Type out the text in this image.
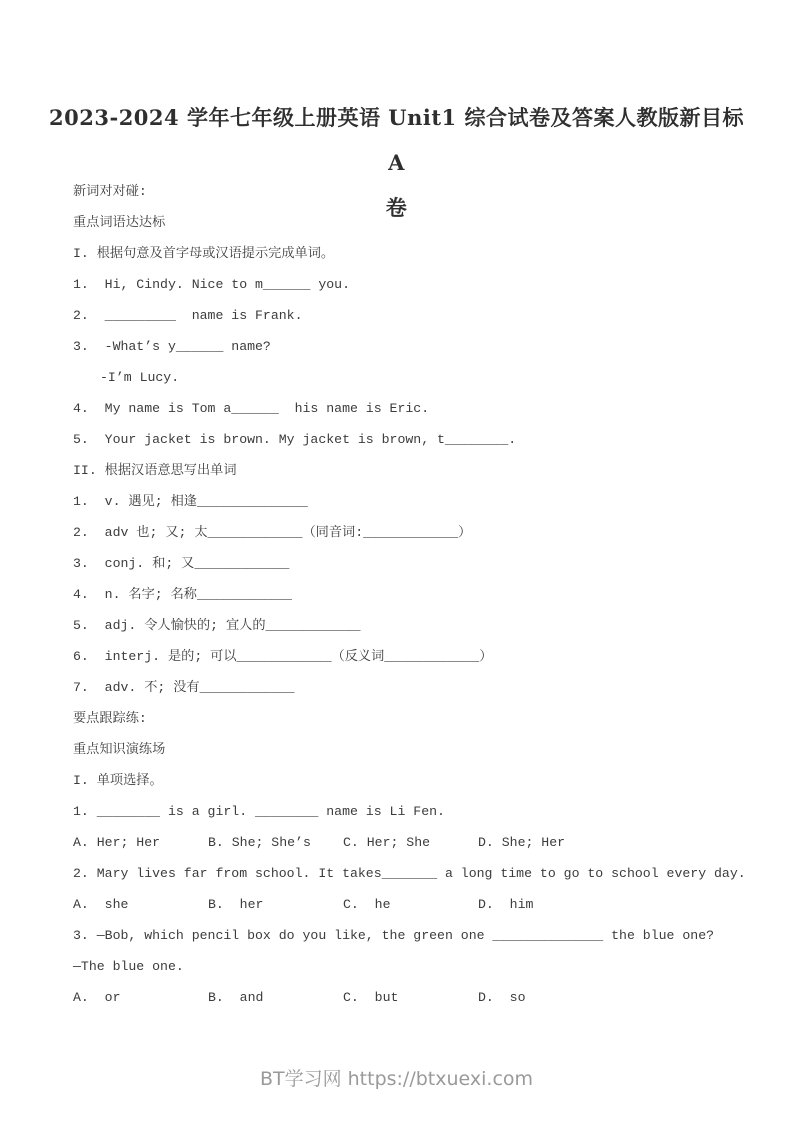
2023-2024 学年七年级上册英语 Unit1 综合试卷及答案人教版新目标 A
卷
新词对对碰:
重点词语达达标
I. 根据句意及首字母或汉语提示完成单词。
1.  Hi, Cindy. Nice to m______ you.
2.  _________  name is Frank.
3.  -What’s y______ name?
-I’m Lucy.
4.  My name is Tom a______  his name is Eric.
5.  Your jacket is brown. My jacket is brown, t________.
II. 根据汉语意思写出单词
1.  v. 遇见; 相逢______________
2.  adv 也; 又; 太____________（同音词:____________）
3.  conj. 和; 又____________
4.  n. 名字; 名称____________
5.  adj. 令人愉快的; 宜人的____________
6.  interj. 是的; 可以____________（反义词____________）
7.  adv. 不; 没有____________
要点跟踪练:
重点知识演练场
I. 单项选择。
1. ________ is a girl. ________ name is Li Fen.
A. Her; Her	B. She; She’s C. Her; She	D. She; Her
2. Mary lives far from school. It takes_______ a long time to go to school every day.
A.  she	B.  her	C.  he	D.  him
3. —Bob, which pencil box do you like, the green one ______________ the blue one?
—The blue one.
A.  or	B.  and	C.  but	D.  so
BT学习网 https://btxuexi.com
